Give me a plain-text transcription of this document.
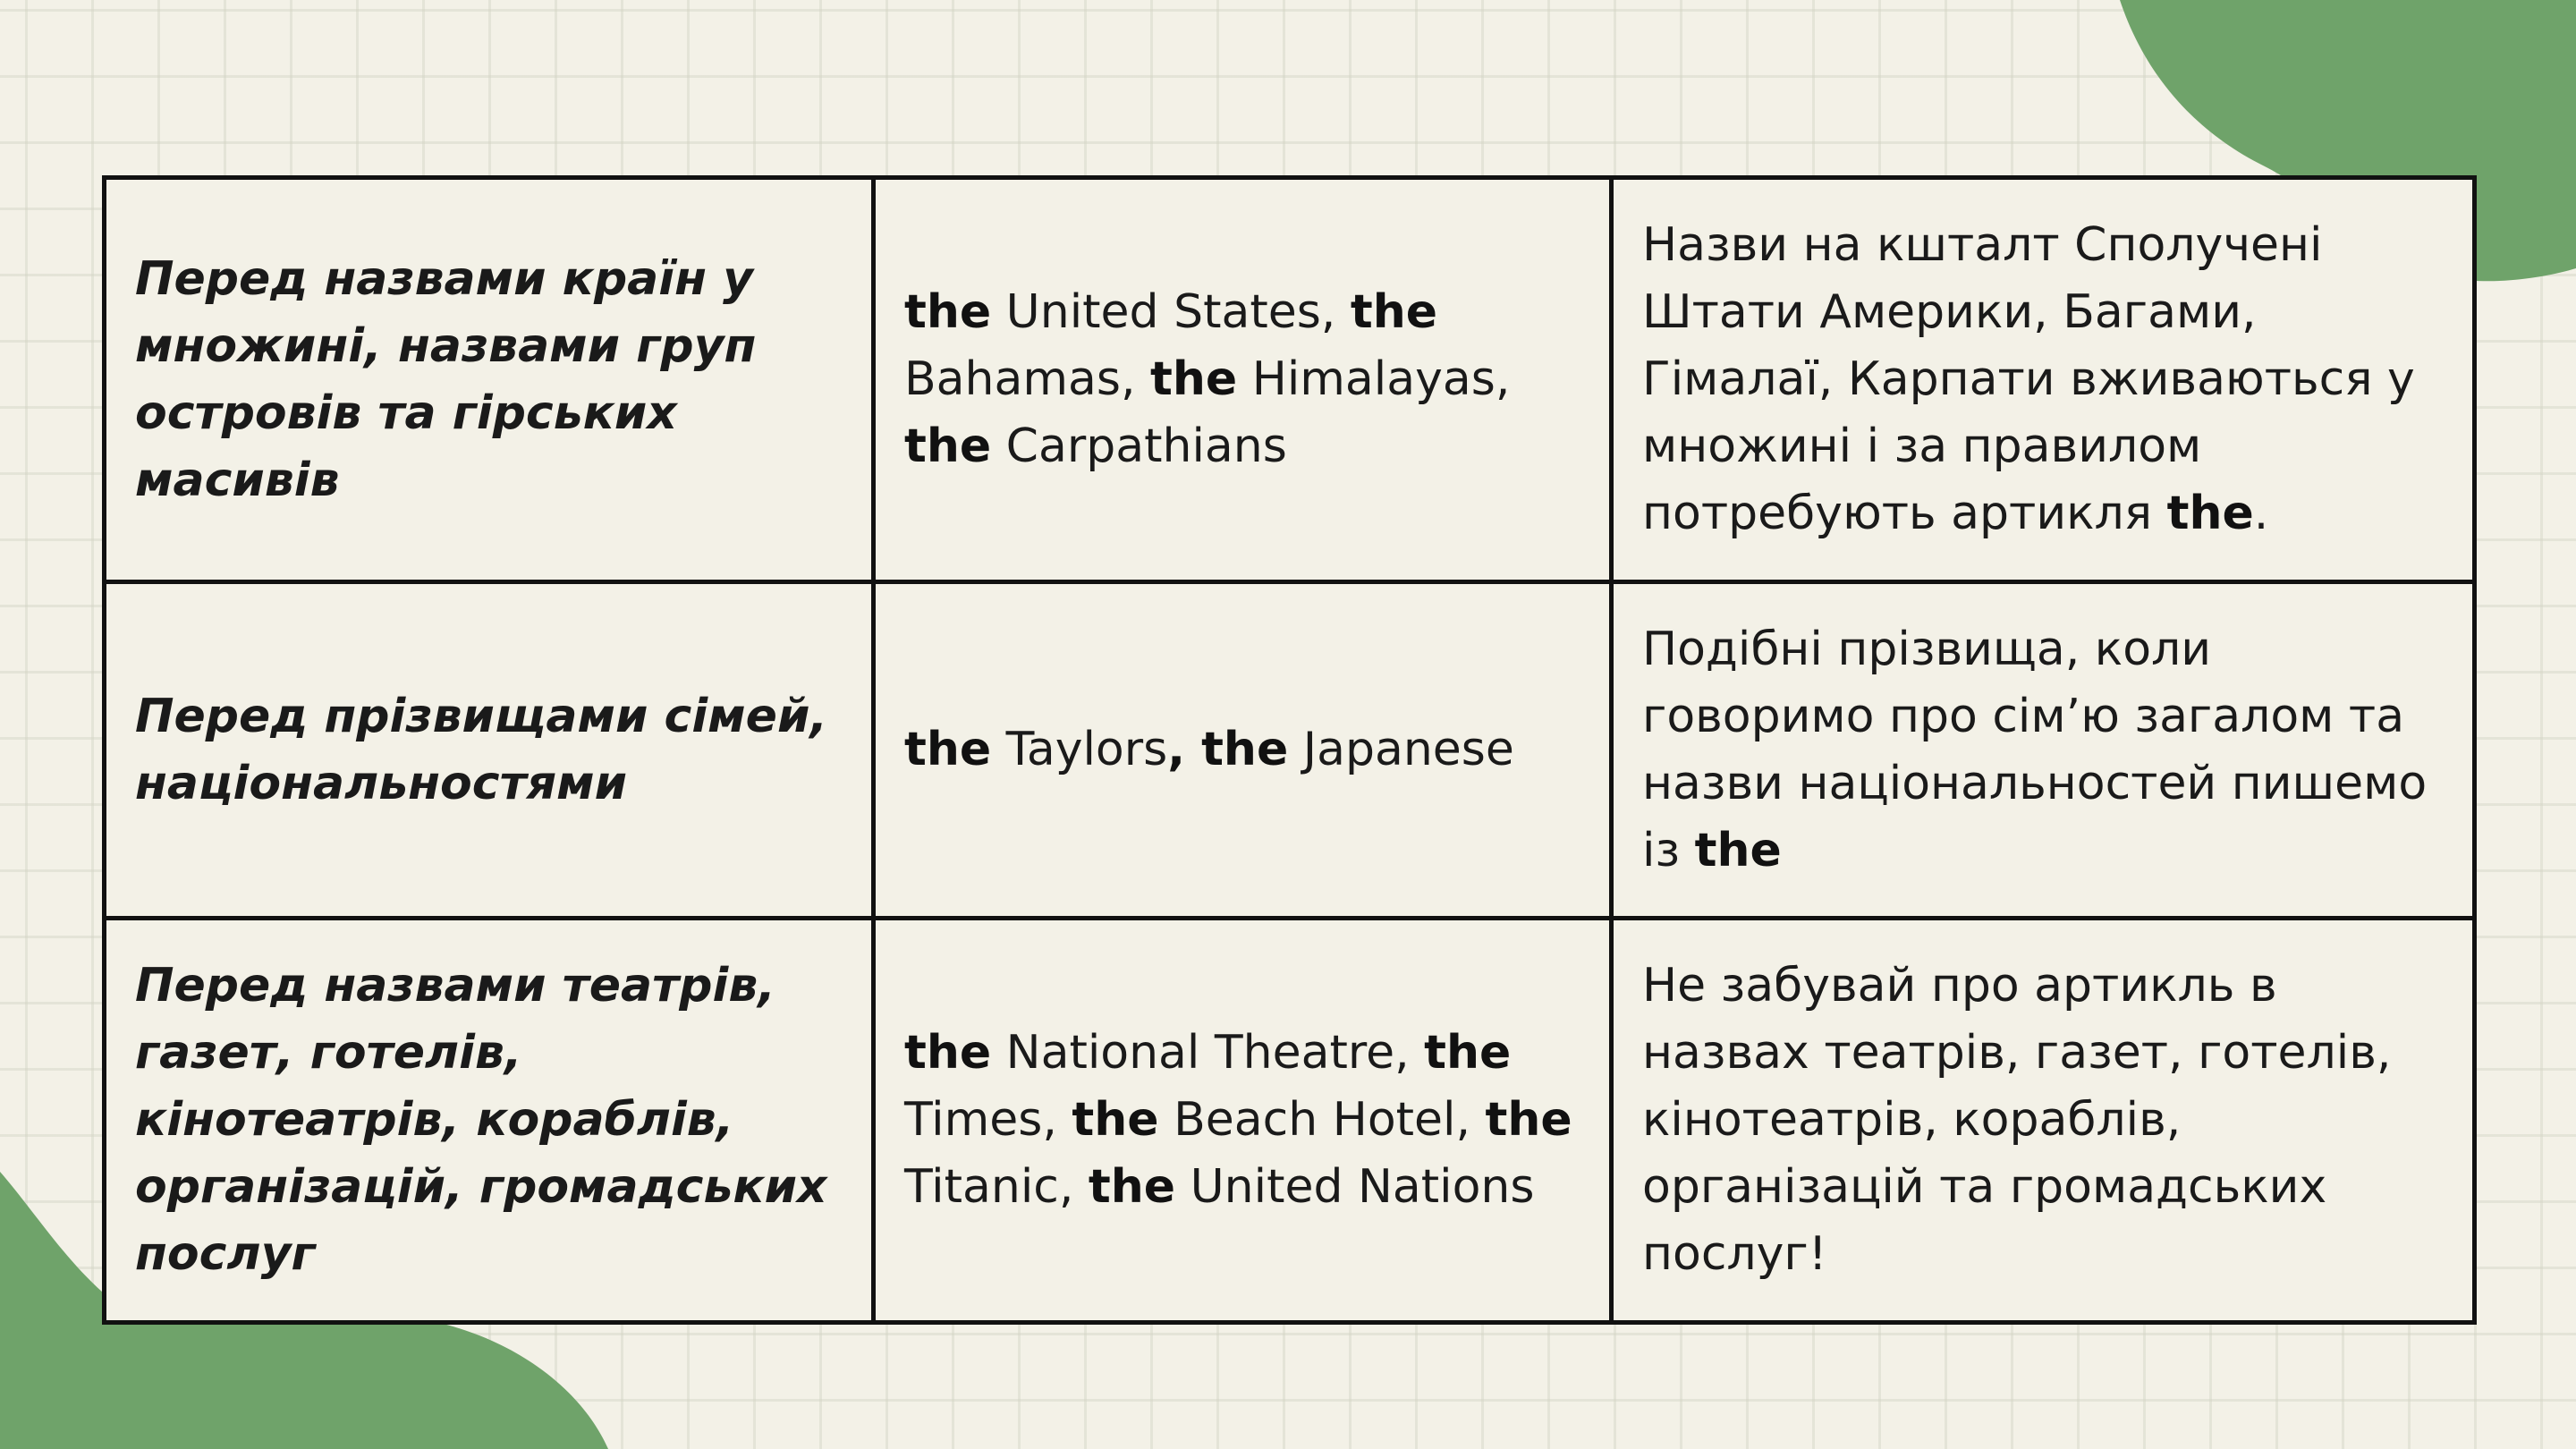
Перед назвами країн у множині, назвами груп островів та гірських масивів	the United States, the Bahamas, the Himalayas, the Carpathians	Назви на кшталт Сполучені Штати Америки, Багами, Гімалаї, Карпати вживаються у множині і за правилом потребують артикля the.
Перед прізвищами сімей, національностями	the Taylors, the Japanese	Подібні прізвища, коли говоримо про сім’ю загалом та назви національностей пишемо із the
Перед назвами театрів, газет, готелів, кінотеатрів, кораблів, організацій, громадських послуг	the National Theatre, the Times, the Beach Hotel, the Titanic, the United Nations	Не забувай про артикль в назвах театрів, газет, готелів, кінотеатрів, кораблів, організацій та громадських послуг!
